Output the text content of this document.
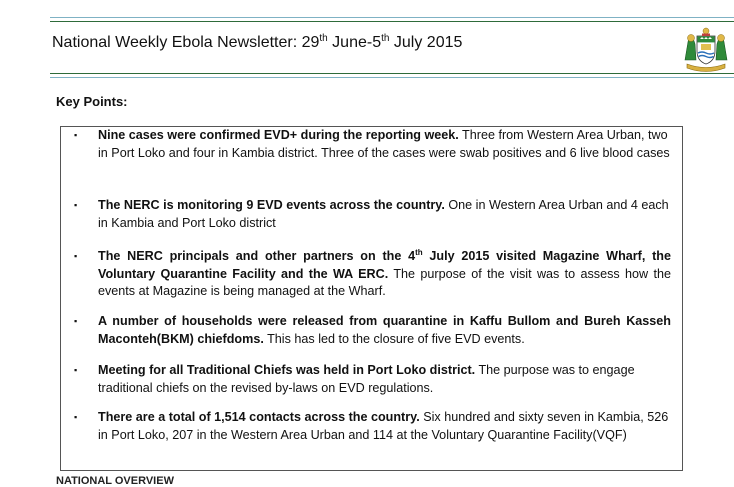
National Weekly Ebola Newsletter: 29th June-5th July 2015
Key Points:
▪ Nine cases were confirmed EVD+ during the reporting week. Three from Western Area Urban, two in Port Loko and four in Kambia district. Three of the cases were swab positives and 6 live blood cases
▪ The NERC is monitoring 9 EVD events across the country. One in Western Area Urban and 4 each in Kambia and Port Loko district
▪ The NERC principals and other partners on the 4th July 2015 visited Magazine Wharf, the Voluntary Quarantine Facility and the WA ERC. The purpose of the visit was to assess how the events at Magazine is being managed at the Wharf.
▪ A number of households were released from quarantine in Kaffu Bullom and Bureh Kasseh Maconteh(BKM) chiefdoms. This has led to the closure of five EVD events.
▪ Meeting for all Traditional Chiefs was held in Port Loko district. The purpose was to engage traditional chiefs on the revised by-laws on EVD regulations.
▪ There are a total of 1,514 contacts across the country. Six hundred and sixty seven in Kambia, 526 in Port Loko, 207 in the Western Area Urban and 114 at the Voluntary Quarantine Facility(VQF)
NATIONAL OVERVIEW
